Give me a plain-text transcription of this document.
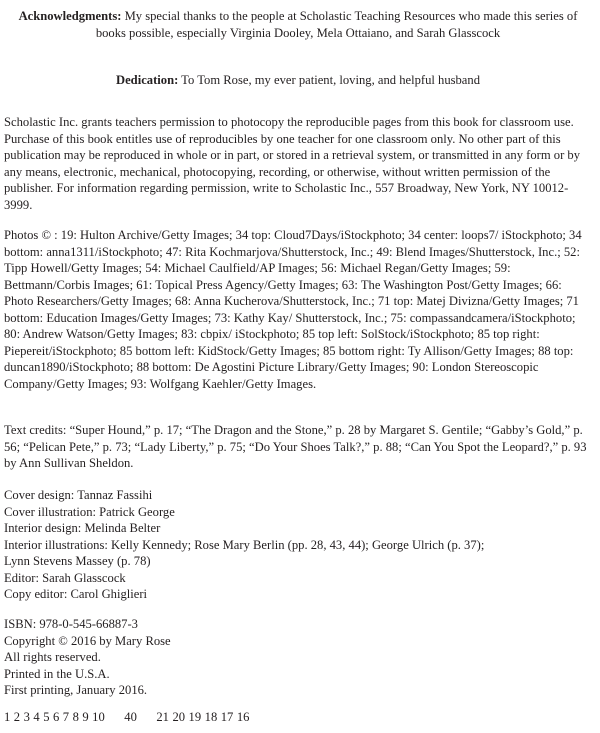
Acknowledgments: My special thanks to the people at Scholastic Teaching Resources who made this series of books possible, especially Virginia Dooley, Mela Ottaiano, and Sarah Glasscock

Dedication: To Tom Rose, my ever patient, loving, and helpful husband

Scholastic Inc. grants teachers permission to photocopy the reproducible pages from this book for classroom use. Purchase of this book entitles use of reproducibles by one teacher for one classroom only. No other part of this publication may be reproduced in whole or in part, or stored in a retrieval system, or transmitted in any form or by any means, electronic, mechanical, photocopying, recording, or otherwise, without written permission of the publisher. For information regarding permission, write to Scholastic Inc., 557 Broadway, New York, NY 10012-3999.

Photos © : 19: Hulton Archive/Getty Images; 34 top: Cloud7Days/iStockphoto; 34 center: loops7/ iStockphoto; 34 bottom: anna1311/iStockphoto; 47: Rita Kochmarjova/Shutterstock, Inc.; 49: Blend Images/Shutterstock, Inc.; 52: Tipp Howell/Getty Images; 54: Michael Caulfield/AP Images; 56: Michael Regan/Getty Images; 59: Bettmann/Corbis Images; 61: Topical Press Agency/Getty Images; 63: The Washington Post/Getty Images; 66: Photo Researchers/Getty Images; 68: Anna Kucherova/Shutterstock, Inc.; 71 top: Matej Divizna/Getty Images; 71 bottom: Education Images/Getty Images; 73: Kathy Kay/ Shutterstock, Inc.; 75: compassandcamera/iStockphoto; 80: Andrew Watson/Getty Images; 83: cbpix/ iStockphoto; 85 top left: SolStock/iStockphoto; 85 top right: Piepereit/iStockphoto; 85 bottom left: KidStock/Getty Images; 85 bottom right: Ty Allison/Getty Images; 88 top: duncan1890/iStockphoto; 88 bottom: De Agostini Picture Library/Getty Images; 90: London Stereoscopic Company/Getty Images; 93: Wolfgang Kaehler/Getty Images.

Text credits: “Super Hound,” p. 17; “The Dragon and the Stone,” p. 28 by Margaret S. Gentile; “Gabby’s Gold,” p. 56; “Pelican Pete,” p. 73; “Lady Liberty,” p. 75; “Do Your Shoes Talk?,” p. 88; “Can You Spot the Leopard?,” p. 93 by Ann Sullivan Sheldon.

Cover design: Tannaz Fassihi
Cover illustration: Patrick George
Interior design: Melinda Belter
Interior illustrations: Kelly Kennedy; Rose Mary Berlin (pp. 28, 43, 44); George Ulrich (p. 37);
Lynn Stevens Massey (p. 78)
Editor: Sarah Glasscock
Copy editor: Carol Ghiglieri
ISBN: 978-0-545-66887-3
Copyright © 2016 by Mary Rose
All rights reserved.
Printed in the U.S.A.
First printing, January 2016.
1 2 3 4 5 6 7 8 9 10 40 21 20 19 18 17 16
